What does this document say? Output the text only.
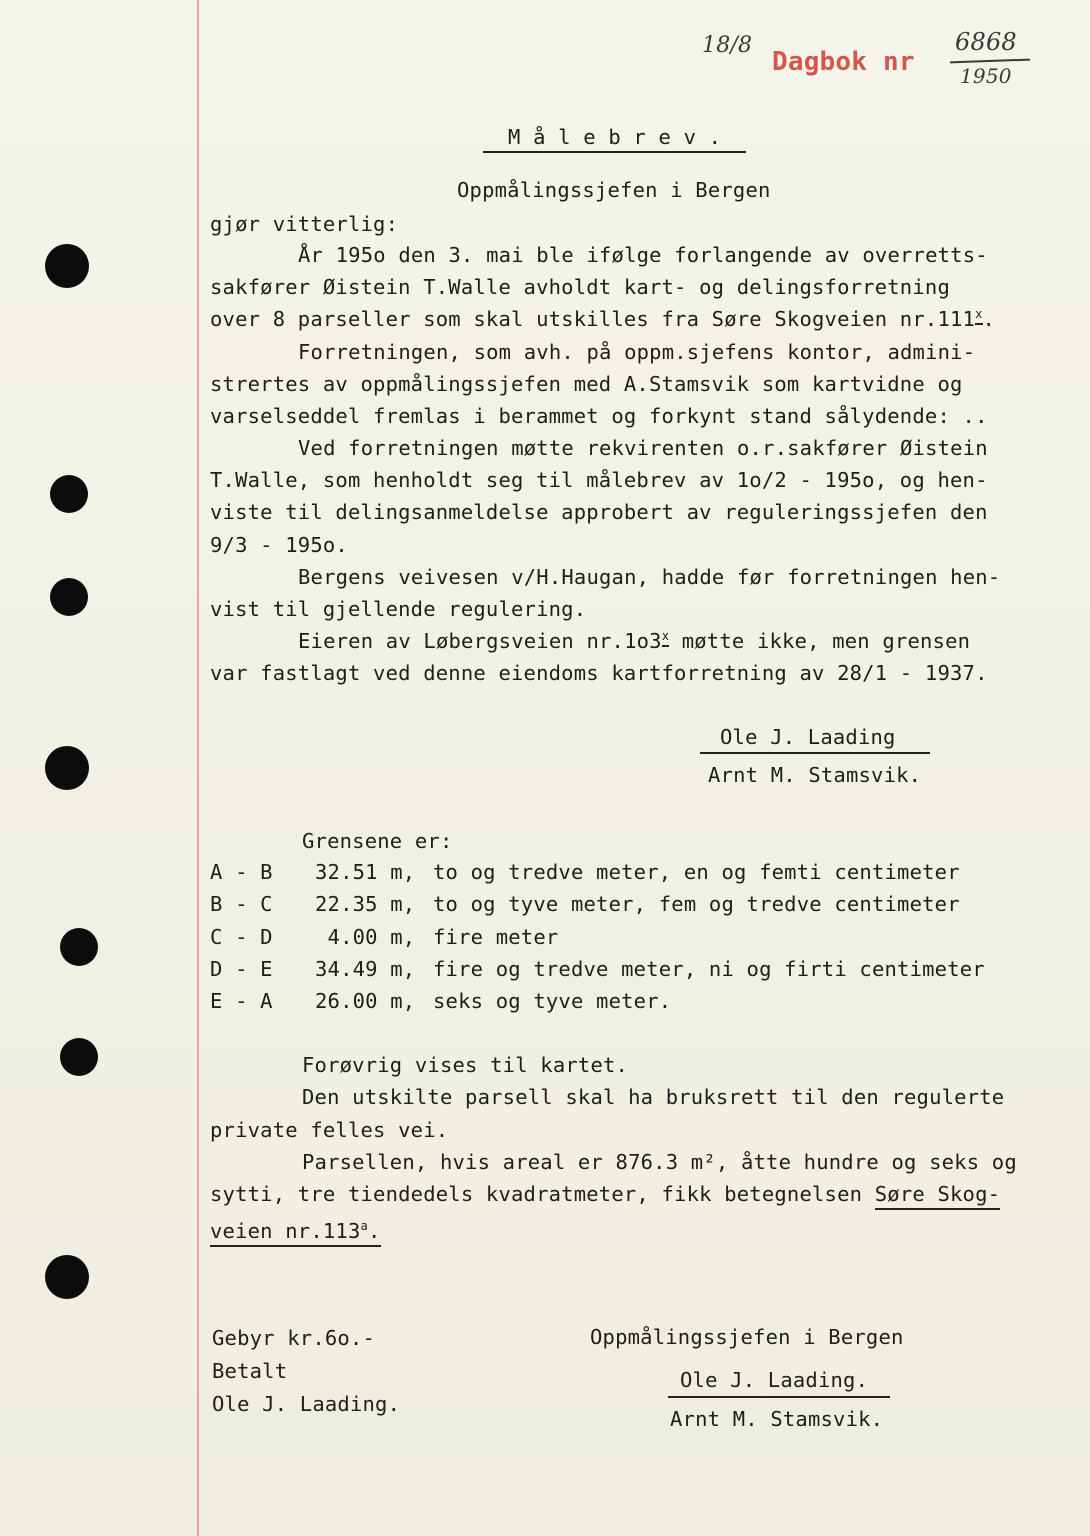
18/8
Dagbok nr
6868
1950
M å l e b r e v .
Oppmålingssjefen i Bergen
gjør vitterlig:
År 195o den 3. mai ble ifølge forlangende av overretts-
sakfører Øistein T.Walle avholdt kart- og delingsforretning
over 8 parseller som skal utskilles fra Søre Skogveien nr.111$^x$.
Forretningen, som avh. på oppm.sjefens kontor, admini-
strertes av oppmålingssjefen med A.Stamsvik som kartvidne og
varselseddel fremlas i berammet og forkynt stand sålydende: ..
Ved forretningen møtte rekvirenten o.r.sakfører Øistein
T.Walle, som henholdt seg til målebrev av 1o/2 - 195o, og hen-
viste til delingsanmeldelse approbert av reguleringssjefen den
9/3 - 195o.
Bergens veivesen v/H.Haugan, hadde før forretningen hen-
vist til gjellende regulering.
Eieren av Løbergsveien nr.1o3$^x$ møtte ikke, men grensen
var fastlagt ved denne eiendoms kartforretning av 28/1 - 1937.
Ole J. Laading
Arnt M. Stamsvik.
Grensene er:
A - B 32.51 m, to og tredve meter, en og femti centimeter
B - C 22.35 m, to og tyve meter, fem og tredve centimeter
C - D 4.00 m, fire meter
D - E 34.49 m, fire og tredve meter, ni og firti centimeter
E - A 26.00 m, seks og tyve meter.
Forøvrig vises til kartet.
Den utskilte parsell skal ha bruksrett til den regulerte
private felles vei.
Parsellen, hvis areal er 876.3 m², åtte hundre og seks og
sytti, tre tiendedels kvadratmeter, fikk betegnelsen Søre Skog-
veien nr.113$^a$.
Gebyr kr.6o.-
Betalt
Ole J. Laading.
Oppmålingssjefen i Bergen
Ole J. Laading.
Arnt M. Stamsvik.
